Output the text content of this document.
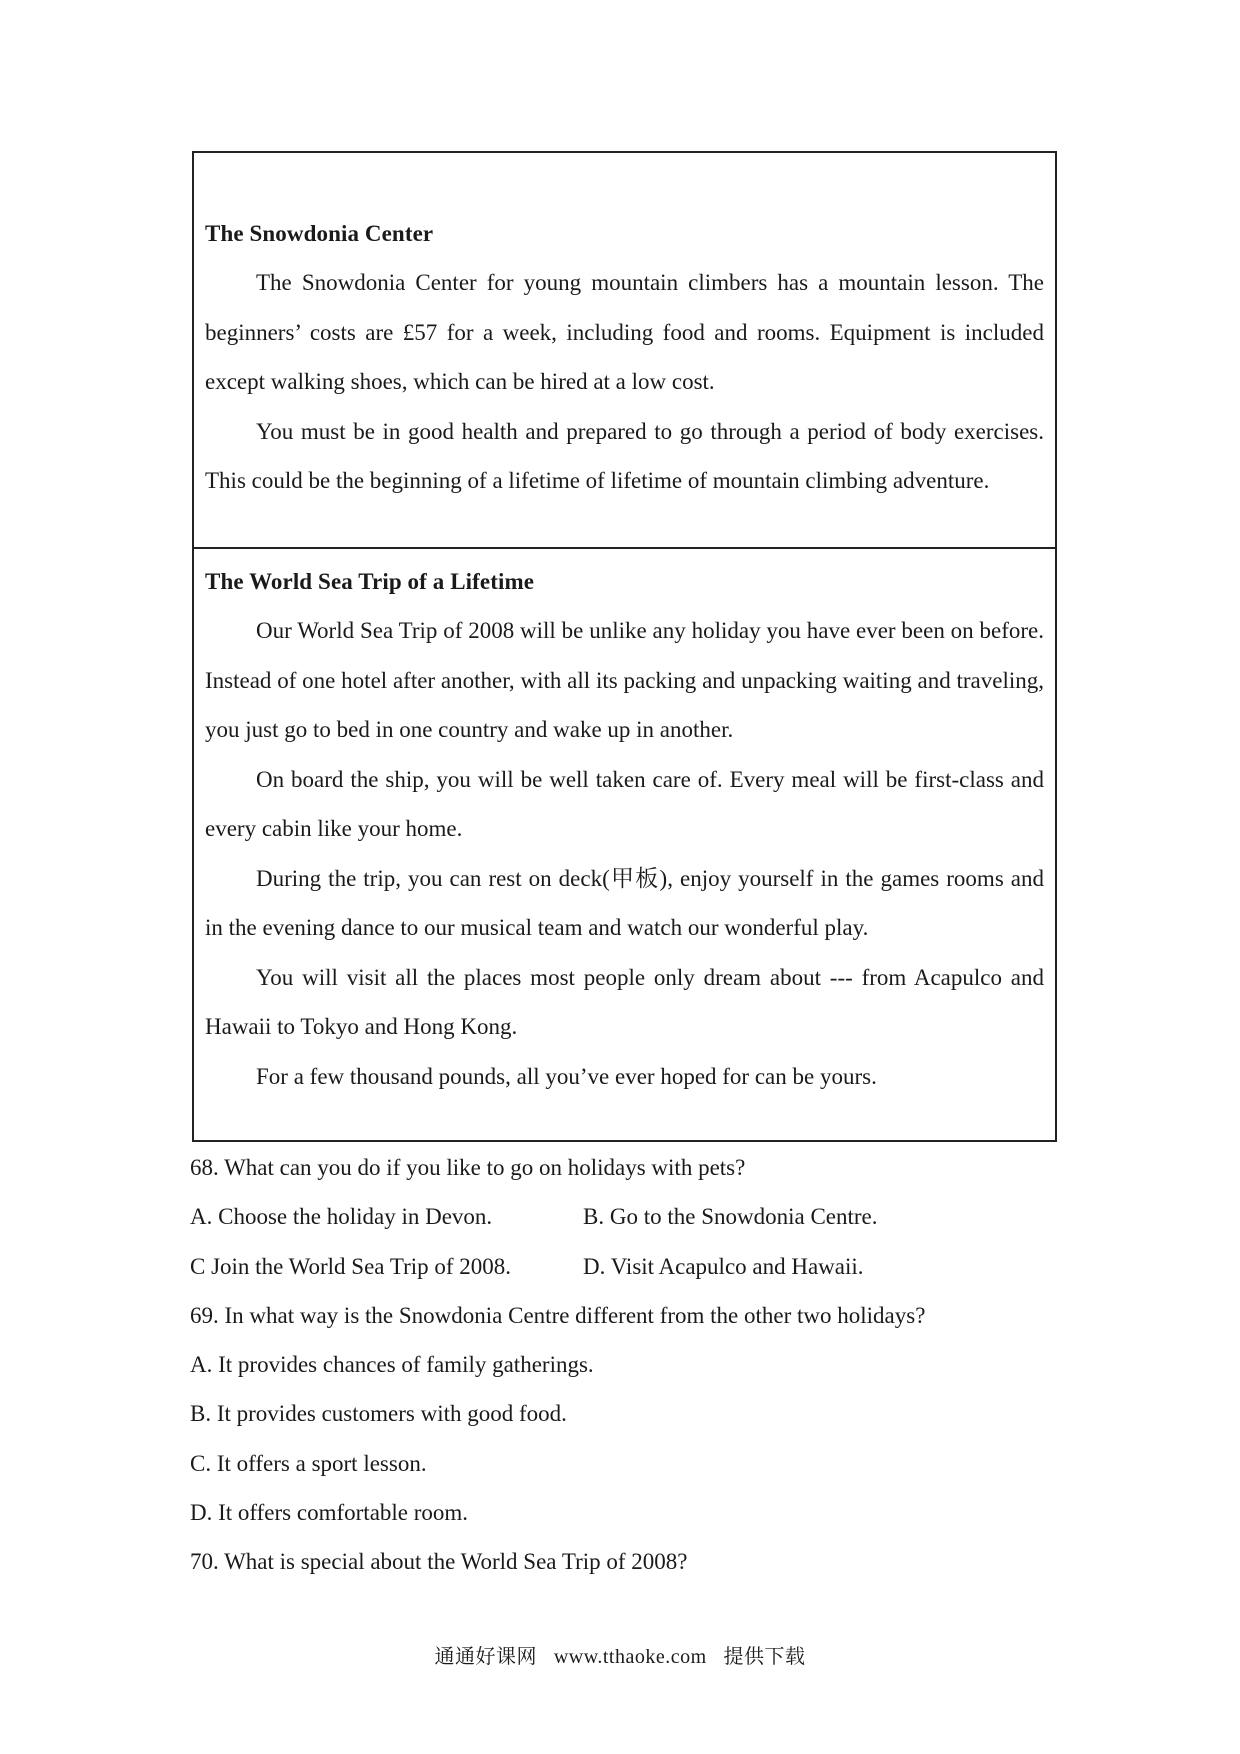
The Snowdonia Center

The Snowdonia Center for young mountain climbers has a mountain lesson. The beginners’ costs are £57 for a week, including food and rooms. Equipment is included except walking shoes, which can be hired at a low cost.

You must be in good health and prepared to go through a period of body exercises. This could be the beginning of a lifetime of lifetime of mountain climbing adventure.

The World Sea Trip of a Lifetime

Our World Sea Trip of 2008 will be unlike any holiday you have ever been on before. Instead of one hotel after another, with all its packing and unpacking waiting and traveling, you just go to bed in one country and wake up in another.

On board the ship, you will be well taken care of. Every meal will be first-class and every cabin like your home.

During the trip, you can rest on deck(甲板), enjoy yourself in the games rooms and in the evening dance to our musical team and watch our wonderful play.

You will visit all the places most people only dream about --- from Acapulco and Hawaii to Tokyo and Hong Kong.

For a few thousand pounds, all you’ve ever hoped for can be yours.

68. What can you do if you like to go on holidays with pets?

A. Choose the holiday in Devon.	B. Go to the Snowdonia Centre.

C Join the World Sea Trip of 2008.	D. Visit Acapulco and Hawaii.

69. In what way is the Snowdonia Centre different from the other two holidays?

A. It provides chances of family gatherings.

B. It provides customers with good food.

C. It offers a sport lesson.

D. It offers comfortable room.

70. What is special about the World Sea Trip of 2008?

通通好课网 www.tthaoke.com 提供下载
